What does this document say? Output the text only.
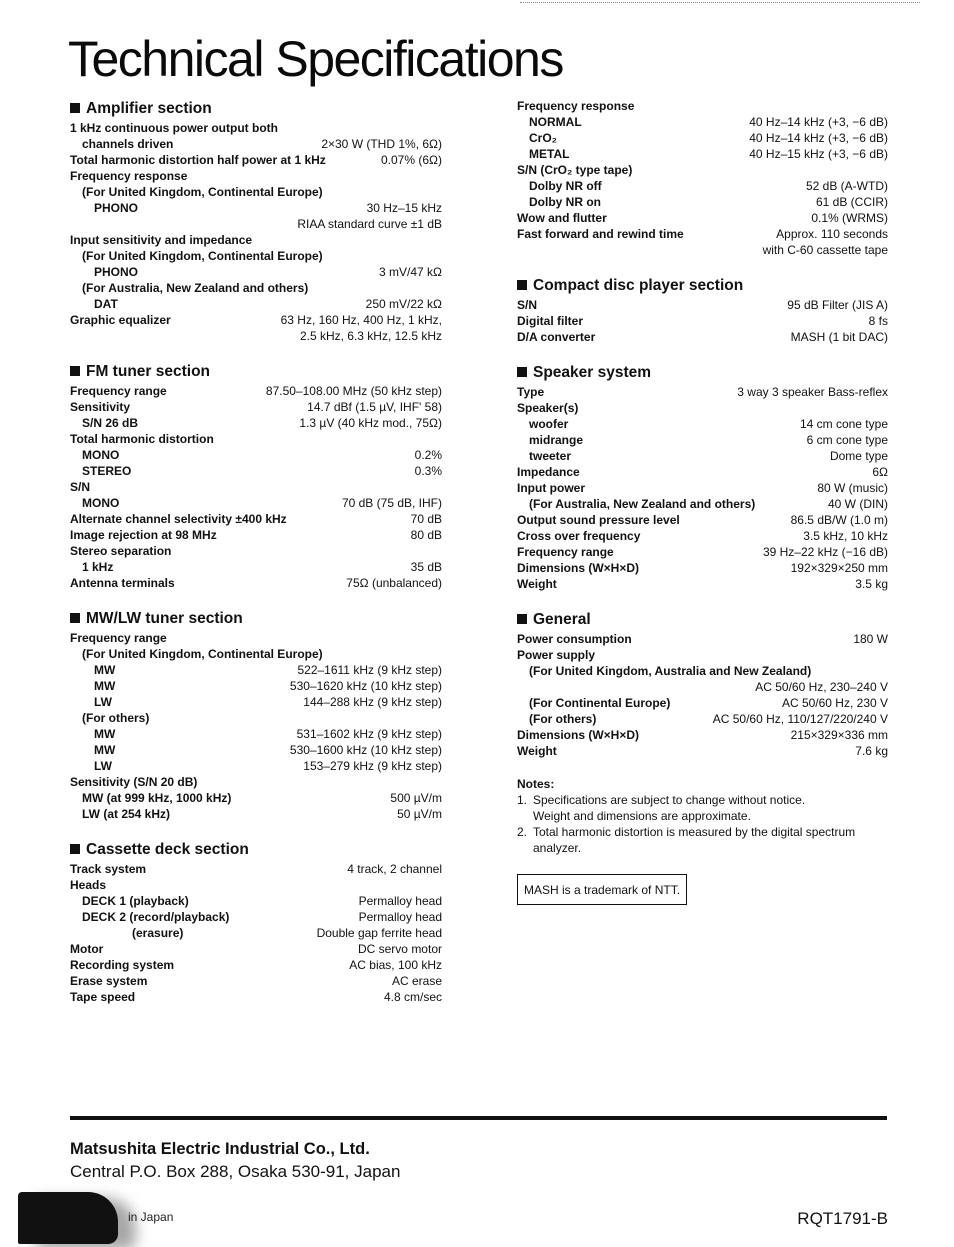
Technical Specifications
Amplifier section
1 kHz continuous power output both
channels driven	2×30 W (THD 1%, 6Ω)
Total harmonic distortion half power at 1 kHz	0.07% (6Ω)
Frequency response
(For United Kingdom, Continental Europe)
PHONO	30 Hz–15 kHz
RIAA standard curve ±1 dB
Input sensitivity and impedance
(For United Kingdom, Continental Europe)
PHONO	3 mV/47 kΩ
(For Australia, New Zealand and others)
DAT	250 mV/22 kΩ
Graphic equalizer	63 Hz, 160 Hz, 400 Hz, 1 kHz,
2.5 kHz, 6.3 kHz, 12.5 kHz
FM tuner section
Frequency range	87.50–108.00 MHz (50 kHz step)
Sensitivity	14.7 dBf (1.5 µV, IHF' 58)
S/N 26 dB	1.3 µV (40 kHz mod., 75Ω)
Total harmonic distortion
MONO	0.2%
STEREO	0.3%
S/N
MONO	70 dB (75 dB, IHF)
Alternate channel selectivity ±400 kHz	70 dB
Image rejection at 98 MHz	80 dB
Stereo separation
1 kHz	35 dB
Antenna terminals	75Ω (unbalanced)
MW/LW tuner section
Frequency range
(For United Kingdom, Continental Europe)
MW	522–1611 kHz (9 kHz step)
MW	530–1620 kHz (10 kHz step)
LW	144–288 kHz (9 kHz step)
(For others)
MW	531–1602 kHz (9 kHz step)
MW	530–1600 kHz (10 kHz step)
LW	153–279 kHz (9 kHz step)
Sensitivity (S/N 20 dB)
MW (at 999 kHz, 1000 kHz)	500 µV/m
LW (at 254 kHz)	50 µV/m
Cassette deck section
Track system	4 track, 2 channel
Heads
DECK 1 (playback)	Permalloy head
DECK 2 (record/playback)	Permalloy head
(erasure)	Double gap ferrite head
Motor	DC servo motor
Recording system	AC bias, 100 kHz
Erase system	AC erase
Tape speed	4.8 cm/sec
Frequency response
NORMAL	40 Hz–14 kHz (+3, −6 dB)
CrO₂	40 Hz–14 kHz (+3, −6 dB)
METAL	40 Hz–15 kHz (+3, −6 dB)
S/N (CrO₂ type tape)
Dolby NR off	52 dB (A-WTD)
Dolby NR on	61 dB (CCIR)
Wow and flutter	0.1% (WRMS)
Fast forward and rewind time	Approx. 110 seconds
with C-60 cassette tape
Compact disc player section
S/N	95 dB Filter (JIS A)
Digital filter	8 fs
D/A converter	MASH (1 bit DAC)
Speaker system
Type	3 way 3 speaker Bass-reflex
Speaker(s)
woofer	14 cm cone type
midrange	6 cm cone type
tweeter	Dome type
Impedance	6Ω
Input power	80 W (music)
(For Australia, New Zealand and others)	40 W (DIN)
Output sound pressure level	86.5 dB/W (1.0 m)
Cross over frequency	3.5 kHz, 10 kHz
Frequency range	39 Hz–22 kHz (−16 dB)
Dimensions (W×H×D)	192×329×250 mm
Weight	3.5 kg
General
Power consumption	180 W
Power supply
(For United Kingdom, Australia and New Zealand)
AC 50/60 Hz, 230–240 V
(For Continental Europe)	AC 50/60 Hz, 230 V
(For others)	AC 50/60 Hz, 110/127/220/240 V
Dimensions (W×H×D)	215×329×336 mm
Weight	7.6 kg
Notes:
1. Specifications are subject to change without notice.
Weight and dimensions are approximate.
2. Total harmonic distortion is measured by the digital spectrum
analyzer.
MASH is a trademark of NTT.
Matsushita Electric Industrial Co., Ltd.
Central P.O. Box 288, Osaka 530-91, Japan
in Japan	RQT1791-B
